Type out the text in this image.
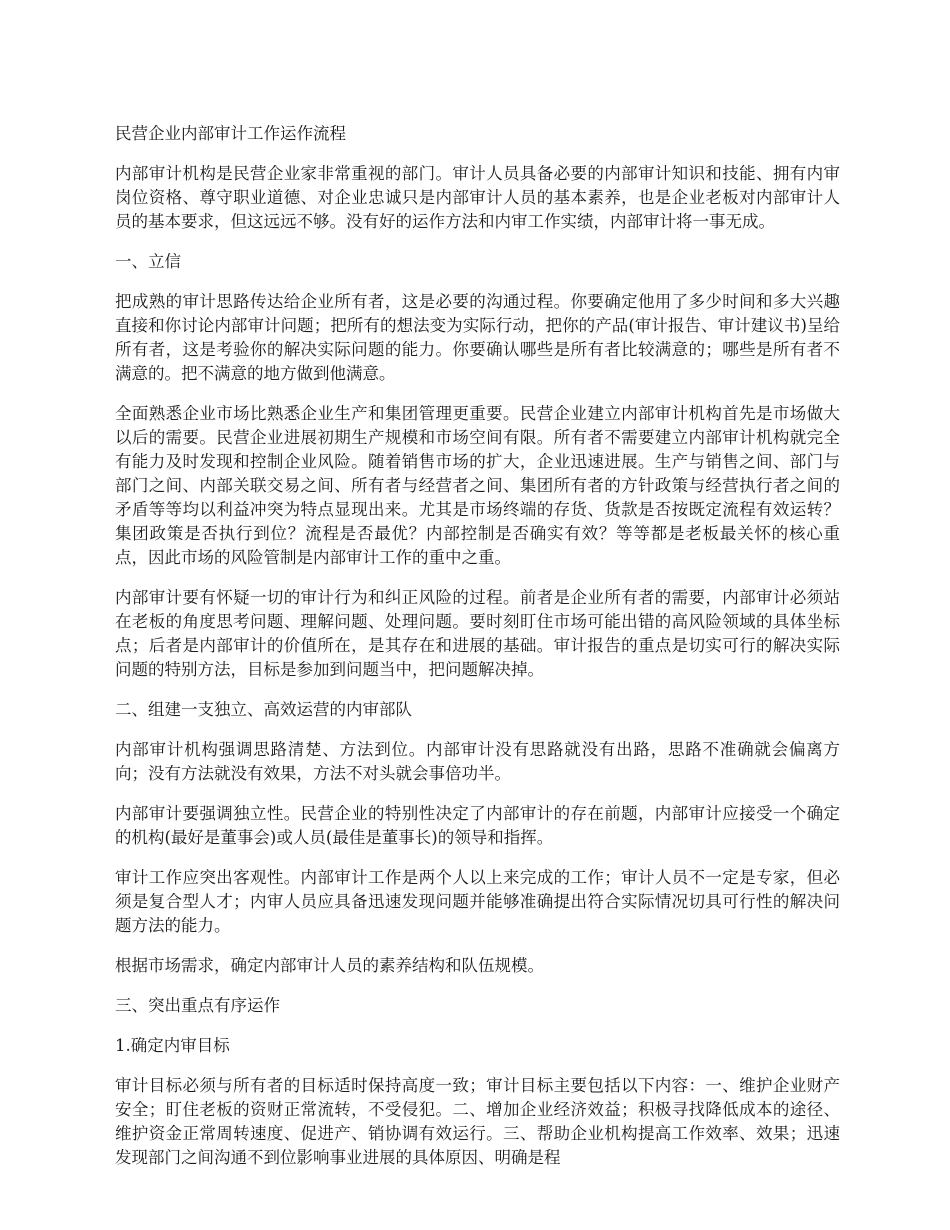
民营企业内部审计工作运作流程

内部审计机构是民营企业家非常重视的部门。审计人员具备必要的内部审计知识和技能、拥有内审岗位资格、尊守职业道德、对企业忠诚只是内部审计人员的基本素养，也是企业老板对内部审计人员的基本要求，但这远远不够。没有好的运作方法和内审工作实绩，内部审计将一事无成。

一、立信

把成熟的审计思路传达给企业所有者，这是必要的沟通过程。你要确定他用了多少时间和多大兴趣直接和你讨论内部审计问题；把所有的想法变为实际行动，把你的产品(审计报告、审计建议书)呈给所有者，这是考验你的解决实际问题的能力。你要确认哪些是所有者比较满意的；哪些是所有者不满意的。把不满意的地方做到他满意。

全面熟悉企业市场比熟悉企业生产和集团管理更重要。民营企业建立内部审计机构首先是市场做大以后的需要。民营企业进展初期生产规模和市场空间有限。所有者不需要建立内部审计机构就完全有能力及时发现和控制企业风险。随着销售市场的扩大，企业迅速进展。生产与销售之间、部门与部门之间、内部关联交易之间、所有者与经营者之间、集团所有者的方针政策与经营执行者之间的矛盾等等均以利益冲突为特点显现出来。尤其是市场终端的存货、货款是否按既定流程有效运转？集团政策是否执行到位？流程是否最优？内部控制是否确实有效？等等都是老板最关怀的核心重点，因此市场的风险管制是内部审计工作的重中之重。

内部审计要有怀疑一切的审计行为和纠正风险的过程。前者是企业所有者的需要，内部审计必须站在老板的角度思考问题、理解问题、处理问题。要时刻盯住市场可能出错的高风险领域的具体坐标点；后者是内部审计的价值所在，是其存在和进展的基础。审计报告的重点是切实可行的解决实际问题的特别方法，目标是参加到问题当中，把问题解决掉。

二、组建一支独立、高效运营的内审部队

内部审计机构强调思路清楚、方法到位。内部审计没有思路就没有出路，思路不准确就会偏离方向；没有方法就没有效果，方法不对头就会事倍功半。

内部审计要强调独立性。民营企业的特别性决定了内部审计的存在前题，内部审计应接受一个确定的机构(最好是董事会)或人员(最佳是董事长)的领导和指挥。

审计工作应突出客观性。内部审计工作是两个人以上来完成的工作；审计人员不一定是专家，但必须是复合型人才；内审人员应具备迅速发现问题并能够准确提出符合实际情况切具可行性的解决问题方法的能力。

根据市场需求，确定内部审计人员的素养结构和队伍规模。

三、突出重点有序运作

1.确定内审目标

审计目标必须与所有者的目标适时保持高度一致；审计目标主要包括以下内容：一、维护企业财产安全；盯住老板的资财正常流转，不受侵犯。二、增加企业经济效益；积极寻找降低成本的途径、维护资金正常周转速度、促进产、销协调有效运行。三、帮助企业机构提高工作效率、效果；迅速发现部门之间沟通不到位影响事业进展的具体原因、明确是程
